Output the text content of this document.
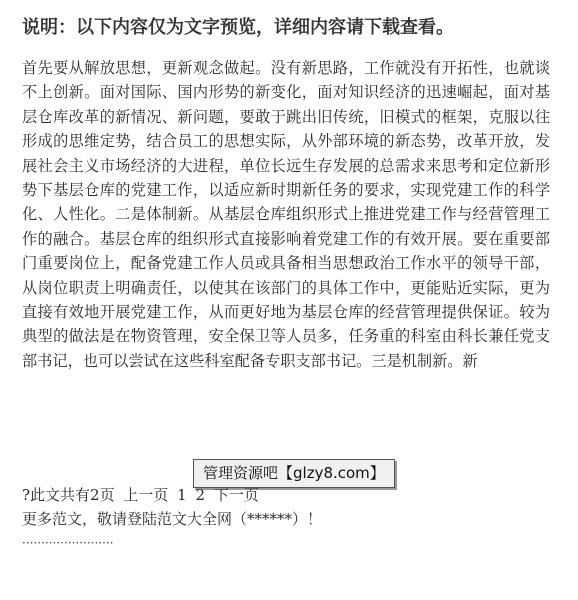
说明：以下内容仅为文字预览，详细内容请下载查看。

首先要从解放思想，更新观念做起。没有新思路，工作就没有开拓性，也就谈不上创新。面对国际、国内形势的新变化，面对知识经济的迅速崛起，面对基层仓库改革的新情况、新问题，要敢于跳出旧传统，旧模式的框架，克服以往形成的思维定势，结合员工的思想实际，从外部环境的新态势，改革开放，发展社会主义市场经济的大进程，单位长远生存发展的总需求来思考和定位新形势下基层仓库的党建工作，以适应新时期新任务的要求，实现党建工作的科学化、人性化。二是体制新。从基层仓库组织形式上推进党建工作与经营管理工作的融合。基层仓库的组织形式直接影响着党建工作的有效开展。要在重要部门重要岗位上，配备党建工作人员或具备相当思想政治工作水平的领导干部，从岗位职责上明确责任，以使其在该部门的具体工作中，更能贴近实际，更为直接有效地开展党建工作，从而更好地为基层仓库的经营管理提供保证。较为典型的做法是在物资管理，安全保卫等人员多，任务重的科室由科长兼任党支部书记，也可以尝试在这些科室配备专职支部书记。三是机制新。新

管理资源吧【glzy8.com】
?此文共有2页 上一页 1 2 下一页
更多范文，敬请登陆范文大全网（******）！
························
